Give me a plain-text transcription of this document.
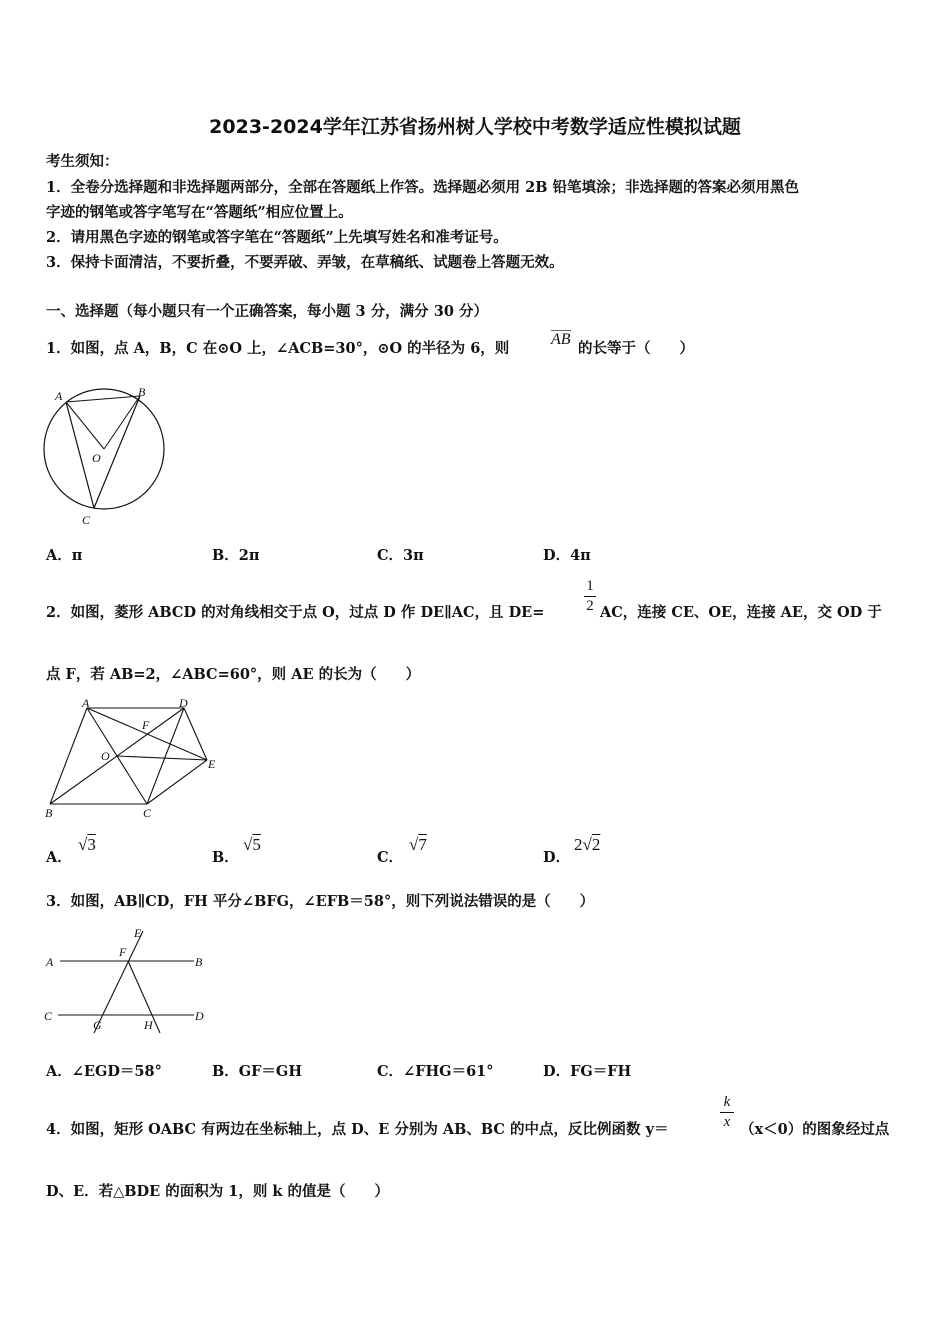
2023-2024学年江苏省扬州树人学校中考数学适应性模拟试题
考生须知：
1．全卷分选择题和非选择题两部分，全部在答题纸上作答。选择题必须用 2B 铅笔填涂；非选择题的答案必须用黑色
字迹的钢笔或答字笔写在“答题纸”相应位置上。
2．请用黑色字迹的钢笔或答字笔在“答题纸”上先填写姓名和准考证号。
3．保持卡面清洁，不要折叠，不要弄破、弄皱，在草稿纸、试题卷上答题无效。
一、选择题（每小题只有一个正确答案，每小题 3 分，满分 30 分）
1．如图，点 A，B，C 在⊙O 上，∠ACB=30°，⊙O 的半径为 6，则
AB
的长等于（　　）
A	B
O
C
A．π	B．2π	C．3π	D．4π
2．如图，菱形 ABCD 的对角线相交于点 O，过点 D 作 DE∥AC，且 DE=
1
2 AC，连接 CE、OE，连接 AE，交 OD 于
点 F，若 AB=2，∠ABC=60°，则 AE 的长为（　　）
A	D
F
O
E
B	C
A．
√3
B．
√5
C．
√7
D．
2√2
3．如图，AB∥CD，FH 平分∠BFG，∠EFB＝58°，则下列说法错误的是（　　）
E
A
F
B
C
G	H
D
A．∠EGD＝58°	B．GF＝GH	C．∠FHG＝61°	D．FG＝FH
4．如图，矩形 OABC 有两边在坐标轴上，点 D、E 分别为 AB、BC 的中点，反比例函数 y＝
k
x （x＜0）的图象经过点
D、E．若△BDE 的面积为 1，则 k 的值是（　　）
